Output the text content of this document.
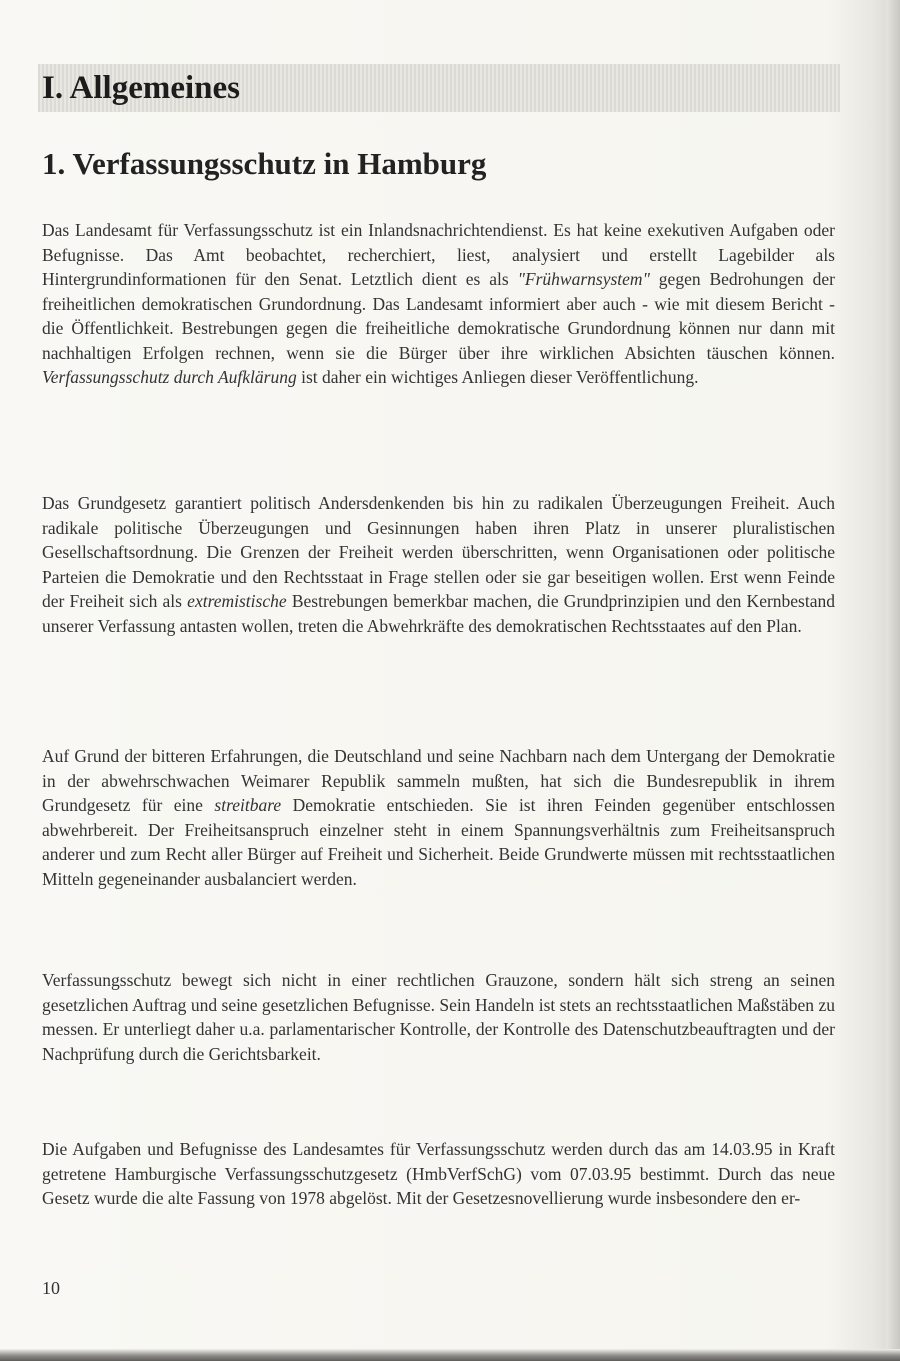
I. Allgemeines
1. Verfassungsschutz in Hamburg

Das Landesamt für Verfassungsschutz ist ein Inlandsnachrichtendienst. Es hat keine exekutiven Aufgaben oder Befugnisse. Das Amt beobachtet, recherchiert, liest, analysiert und erstellt Lagebilder als Hintergrundinformationen für den Senat. Letztlich dient es als "Frühwarnsystem" gegen Bedrohungen der freiheitlichen demokratischen Grundordnung. Das Landesamt informiert aber auch - wie mit diesem Bericht - die Öffentlichkeit. Bestrebungen gegen die freiheitliche demokratische Grundordnung können nur dann mit nachhaltigen Erfolgen rechnen, wenn sie die Bürger über ihre wirklichen Absichten täuschen können. Verfassungsschutz durch Aufklärung ist daher ein wichtiges Anliegen dieser Veröffentlichung.

Das Grundgesetz garantiert politisch Andersdenkenden bis hin zu radikalen Überzeugungen Freiheit. Auch radikale politische Überzeugungen und Gesinnungen haben ihren Platz in unserer pluralistischen Gesellschaftsordnung. Die Grenzen der Freiheit werden überschritten, wenn Organisationen oder politische Parteien die Demokratie und den Rechtsstaat in Frage stellen oder sie gar beseitigen wollen. Erst wenn Feinde der Freiheit sich als extremistische Bestrebungen bemerkbar machen, die Grundprinzipien und den Kernbestand unserer Verfassung antasten wollen, treten die Abwehrkräfte des demokratischen Rechtsstaates auf den Plan.

Auf Grund der bitteren Erfahrungen, die Deutschland und seine Nachbarn nach dem Untergang der Demokratie in der abwehrschwachen Weimarer Republik sammeln mußten, hat sich die Bundesrepublik in ihrem Grundgesetz für eine streitbare Demokratie entschieden. Sie ist ihren Feinden gegenüber entschlossen abwehrbereit. Der Freiheitsanspruch einzelner steht in einem Spannungsverhältnis zum Freiheitsanspruch anderer und zum Recht aller Bürger auf Freiheit und Sicherheit. Beide Grundwerte müssen mit rechtsstaatlichen Mitteln gegeneinander ausbalanciert werden.

Verfassungsschutz bewegt sich nicht in einer rechtlichen Grauzone, sondern hält sich streng an seinen gesetzlichen Auftrag und seine gesetzlichen Befugnisse. Sein Handeln ist stets an rechtsstaatlichen Maßstäben zu messen. Er unterliegt daher u.a. parlamentarischer Kontrolle, der Kontrolle des Datenschutzbeauftragten und der Nachprüfung durch die Gerichtsbarkeit.

Die Aufgaben und Befugnisse des Landesamtes für Verfassungsschutz werden durch das am 14.03.95 in Kraft getretene Hamburgische Verfassungsschutzgesetz (HmbVerfSchG) vom 07.03.95 bestimmt. Durch das neue Gesetz wurde die alte Fassung von 1978 abgelöst. Mit der Gesetzesnovellierung wurde insbesondere den er-

10
